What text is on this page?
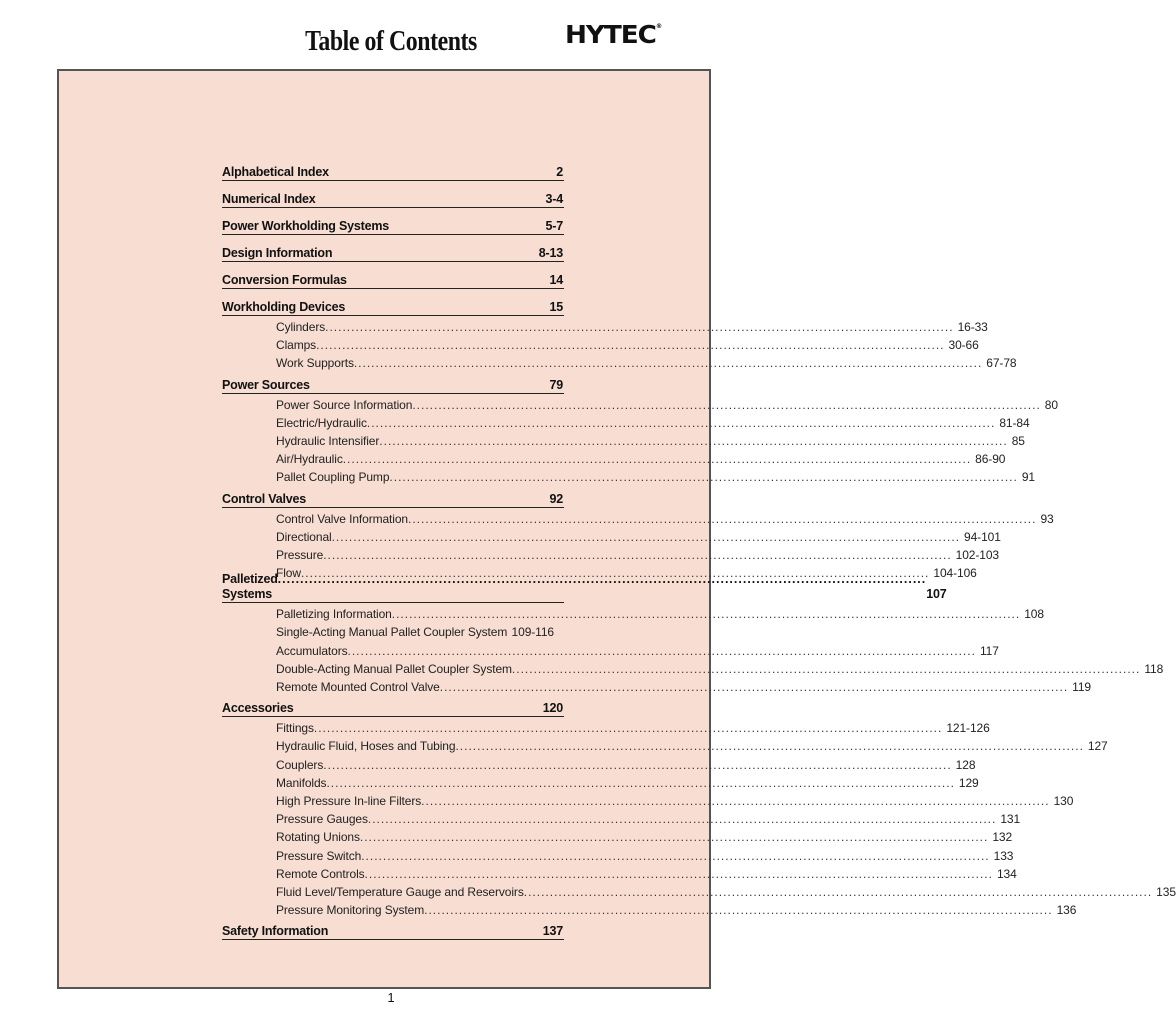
Table of Contents	HYTEC®
Alphabetical Index	2
Numerical Index	3-4
Power Workholding Systems	5-7
Design Information	8-13
Conversion Formulas	14
Workholding Devices	15
Cylinders .....	16-33
Clamps .....	30-66
Work Supports .....	67-78
Power Sources	79
Power Source Information .....	80
Electric/Hydraulic .....	81-84
Hydraulic Intensifier .....	85
Air/Hydraulic .....	86-90
Pallet Coupling Pump .....	91
Control Valves	92
Control Valve Information .....	93
Directional .....	94-101
Pressure .....	102-103
Flow .....	104-106
Palletized Systems .....	107
Palletizing Information .....	108
Single-Acting Manual Pallet Coupler System ..... 109-116
Accumulators .....	117
Double-Acting Manual Pallet Coupler System .....	118
Remote Mounted Control Valve .....	119
Accessories	120
Fittings .....	121-126
Hydraulic Fluid, Hoses and Tubing .....	127
Couplers .....	128
Manifolds .....	129
High Pressure In-line Filters .....	130
Pressure Gauges .....	131
Rotating Unions .....	132
Pressure Switch .....	133
Remote Controls .....	134
Fluid Level/Temperature Gauge and Reservoirs .....	135
Pressure Monitoring System .....	136
Safety Information	137
1
